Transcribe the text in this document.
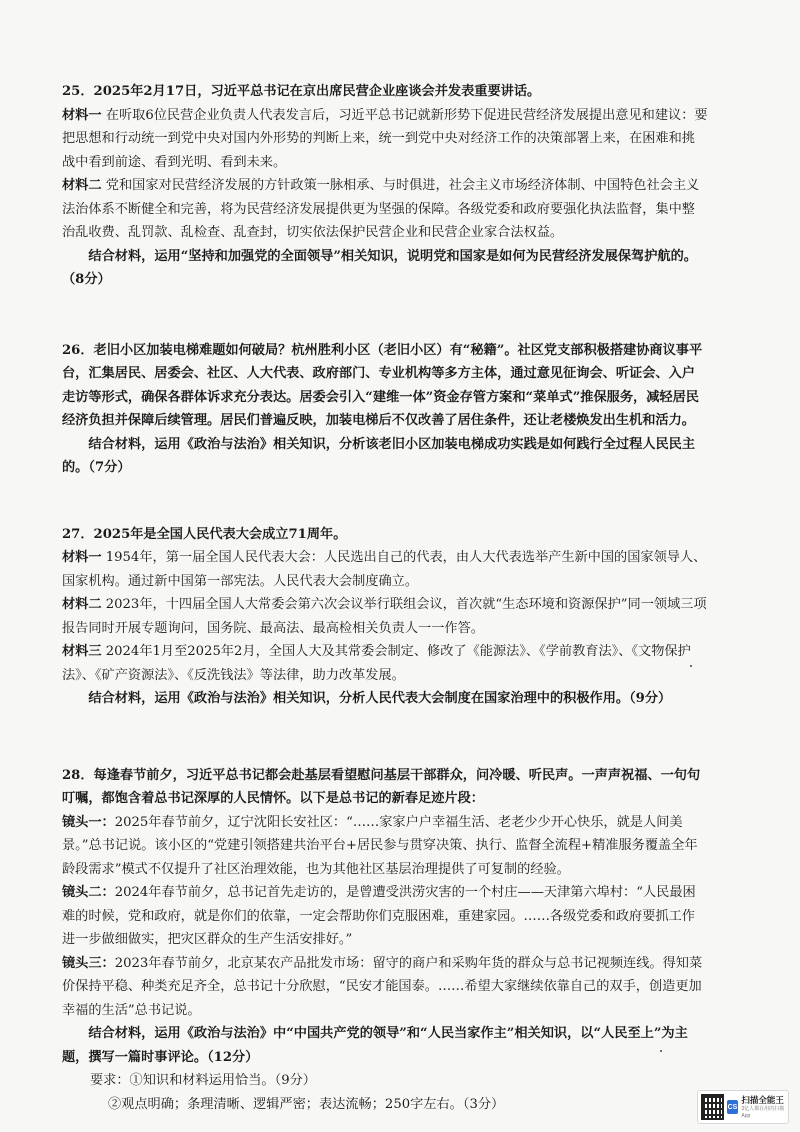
25．2025年2月17日，习近平总书记在京出席民营企业座谈会并发表重要讲话。

材料一 在听取6位民营企业负责人代表发言后，习近平总书记就新形势下促进民营经济发展提出意见和建议：要把思想和行动统一到党中央对国内外形势的判断上来，统一到党中央对经济工作的决策部署上来，在困难和挑战中看到前途、看到光明、看到未来。

材料二 党和国家对民营经济发展的方针政策一脉相承、与时俱进，社会主义市场经济体制、中国特色社会主义法治体系不断健全和完善，将为民营经济发展提供更为坚强的保障。各级党委和政府要强化执法监督，集中整治乱收费、乱罚款、乱检查、乱查封，切实依法保护民营企业和民营企业家合法权益。

结合材料，运用“坚持和加强党的全面领导”相关知识，说明党和国家是如何为民营经济发展保驾护航的。（8分）

26．老旧小区加装电梯难题如何破局？杭州胜利小区（老旧小区）有“秘籍”。社区党支部积极搭建协商议事平台，汇集居民、居委会、社区、人大代表、政府部门、专业机构等多方主体，通过意见征询会、听证会、入户走访等形式，确保各群体诉求充分表达。居委会引入“建维一体”资金存管方案和“菜单式”推保服务，减轻居民经济负担并保障后续管理。居民们普遍反映，加装电梯后不仅改善了居住条件，还让老楼焕发出生机和活力。

结合材料，运用《政治与法治》相关知识，分析该老旧小区加装电梯成功实践是如何践行全过程人民民主的。（7分）

27．2025年是全国人民代表大会成立71周年。

材料一 1954年，第一届全国人民代表大会：人民选出自己的代表，由人大代表选举产生新中国的国家领导人、国家机构。通过新中国第一部宪法。人民代表大会制度确立。

材料二 2023年，十四届全国人大常委会第六次会议举行联组会议，首次就“生态环境和资源保护”同一领域三项报告同时开展专题询问，国务院、最高法、最高检相关负责人一一作答。

材料三 2024年1月至2025年2月，全国人大及其常委会制定、修改了《能源法》、《学前教育法》、《文物保护法》、《矿产资源法》、《反洗钱法》等法律，助力改革发展。

结合材料，运用《政治与法治》相关知识，分析人民代表大会制度在国家治理中的积极作用。（9分）

28．每逢春节前夕，习近平总书记都会赴基层看望慰问基层干部群众，问冷暖、听民声。一声声祝福、一句句叮嘱，都饱含着总书记深厚的人民情怀。以下是总书记的新春足迹片段：

镜头一：2025年春节前夕，辽宁沈阳长安社区：“……家家户户幸福生活、老老少少开心快乐，就是人间美景。”总书记说。该小区的“党建引领搭建共治平台+居民参与贯穿决策、执行、监督全流程+精准服务覆盖全年龄段需求”模式不仅提升了社区治理效能，也为其他社区基层治理提供了可复制的经验。

镜头二：2024年春节前夕，总书记首先走访的，是曾遭受洪涝灾害的一个村庄——天津第六埠村：“人民最困难的时候，党和政府，就是你们的依靠，一定会帮助你们克服困难，重建家园。……各级党委和政府要抓工作进一步做细做实，把灾区群众的生产生活安排好。”

镜头三：2023年春节前夕，北京某农产品批发市场：留守的商户和采购年货的群众与总书记视频连线。得知菜价保持平稳、种类充足齐全，总书记十分欣慰，“民安才能国泰。……希望大家继续依靠自己的双手，创造更加幸福的生活”总书记说。

结合材料，运用《政治与法治》中“中国共产党的领导”和“人民当家作主”相关知识，以“人民至上”为主题，撰写一篇时事评论。（12分）

要求：①知识和材料运用恰当。（9分）

②观点明确；条理清晰、逻辑严密；表达流畅；250字左右。（3分）	CS
扫描全能王
3亿人都在用的扫描App
